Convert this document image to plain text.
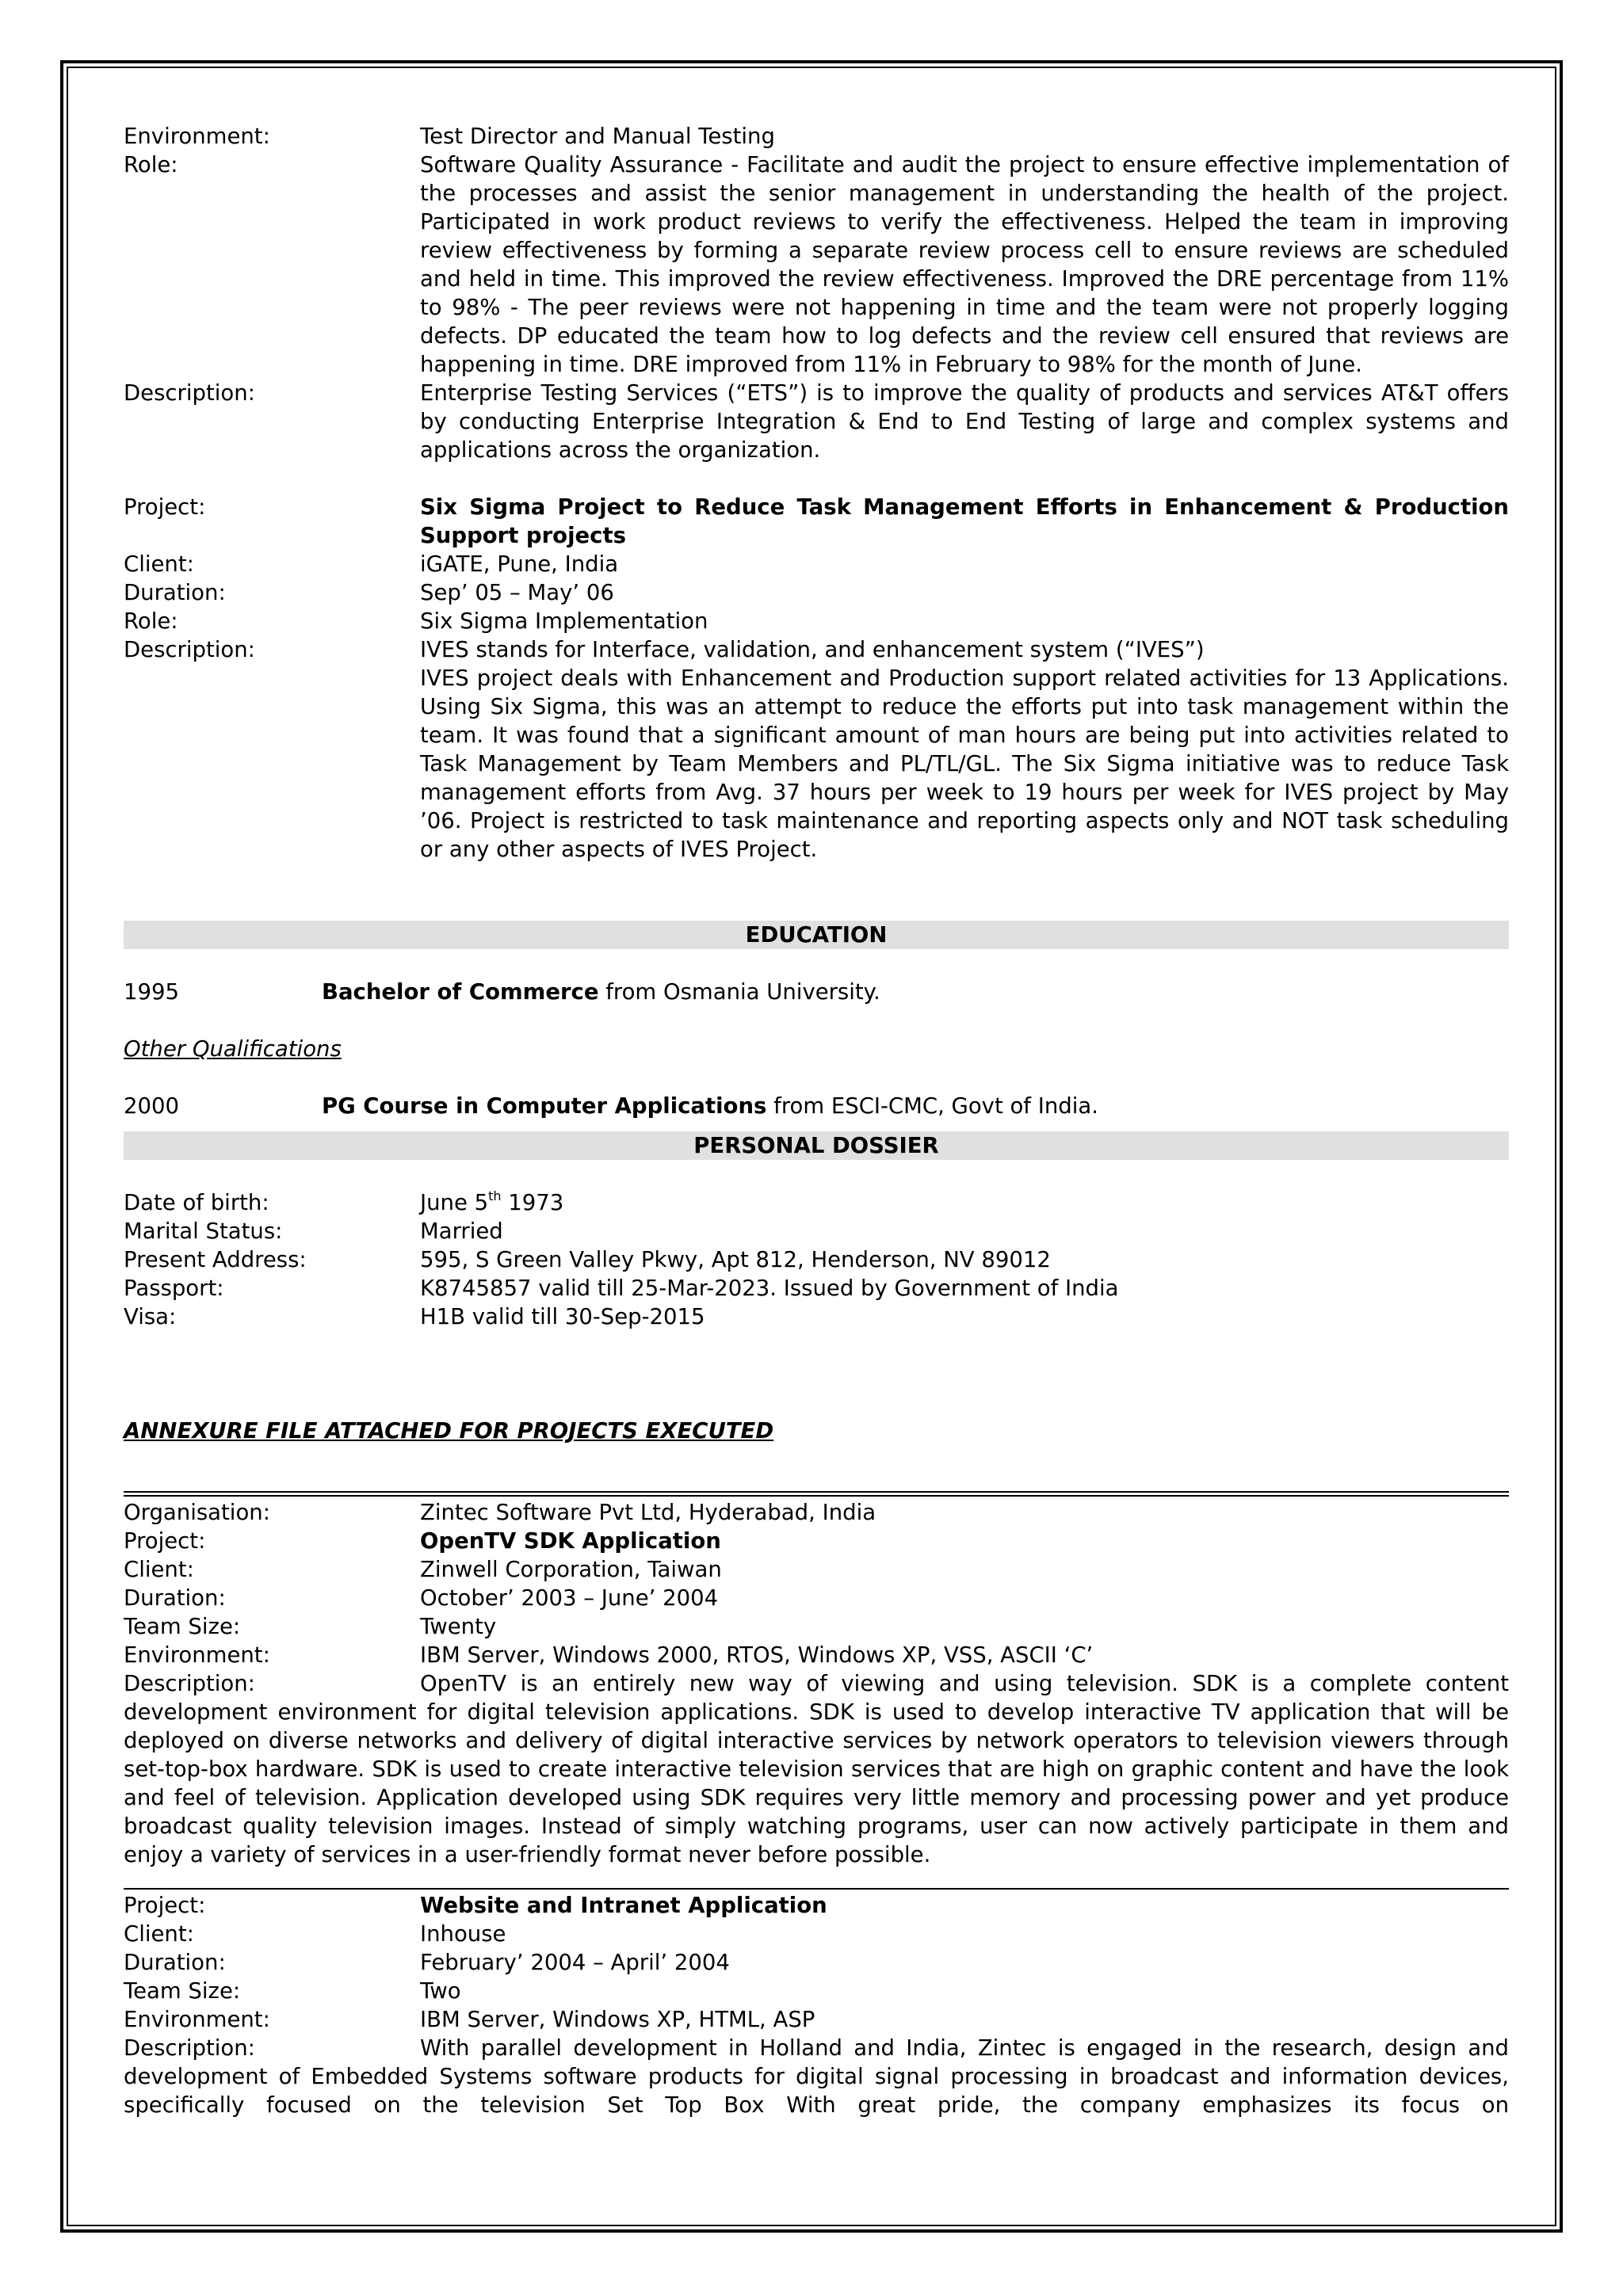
Environment:	Test Director and Manual Testing
Role:	Software Quality Assurance - Facilitate and audit the project to ensure effective implementation of the processes and assist the senior management in understanding the health of the project. Participated in work product reviews to verify the effectiveness. Helped the team in improving review effectiveness by forming a separate review process cell to ensure reviews are scheduled and held in time. This improved the review effectiveness. Improved the DRE percentage from 11% to 98% - The peer reviews were not happening in time and the team were not properly logging defects. DP educated the team how to log defects and the review cell ensured that reviews are happening in time. DRE improved from 11% in February to 98% for the month of June.
Description:	Enterprise Testing Services (“ETS”) is to improve the quality of products and services AT&T offers by conducting Enterprise Integration & End to End Testing of large and complex systems and applications across the organization.
Project:	Six Sigma Project to Reduce Task Management Efforts in Enhancement & Production Support projects
Client:	iGATE, Pune, India
Duration:	Sep’ 05 – May’ 06
Role:	Six Sigma Implementation
Description:	IVES stands for Interface, validation, and enhancement system (“IVES”)
IVES project deals with Enhancement and Production support related activities for 13 Applications. Using Six Sigma, this was an attempt to reduce the efforts put into task management within the team. It was found that a significant amount of man hours are being put into activities related to Task Management by Team Members and PL/TL/GL. The Six Sigma initiative was to reduce Task management efforts from Avg. 37 hours per week to 19 hours per week for IVES project by May ’06. Project is restricted to task maintenance and reporting aspects only and NOT task scheduling or any other aspects of IVES Project.
EDUCATION
1995	Bachelor of Commerce from Osmania University.
Other Qualifications
2000	PG Course in Computer Applications from ESCI-CMC, Govt of India.
PERSONAL DOSSIER
Date of birth:	June 5th 1973
Marital Status:	Married
Present Address:	595, S Green Valley Pkwy, Apt 812, Henderson, NV 89012
Passport:	K8745857 valid till 25-Mar-2023. Issued by Government of India
Visa:	H1B valid till 30-Sep-2015
ANNEXURE FILE ATTACHED FOR PROJECTS EXECUTED
Organisation:	Zintec Software Pvt Ltd, Hyderabad, India
Project:	OpenTV SDK Application
Client:	Zinwell Corporation, Taiwan
Duration:	October’ 2003 – June’ 2004
Team Size:	Twenty
Environment:	IBM Server, Windows 2000, RTOS, Windows XP, VSS, ASCII ‘C’
Description:	OpenTV is an entirely new way of viewing and using television. SDK is a complete content development environment for digital television applications. SDK is used to develop interactive TV application that will be deployed on diverse networks and delivery of digital interactive services by network operators to television viewers through set-top-box hardware. SDK is used to create interactive television services that are high on graphic content and have the look and feel of television. Application developed using SDK requires very little memory and processing power and yet produce broadcast quality television images. Instead of simply watching programs, user can now actively participate in them and enjoy a variety of services in a user-friendly format never before possible.
Project:	Website and Intranet Application
Client:	Inhouse
Duration:	February’ 2004 – April’ 2004
Team Size:	Two
Environment:	IBM Server, Windows XP, HTML, ASP
Description:	With parallel development in Holland and India, Zintec is engaged in the research, design and development of Embedded Systems software products for digital signal processing in broadcast and information devices, specifically focused on the television Set Top Box With great pride, the company emphasizes its focus on
